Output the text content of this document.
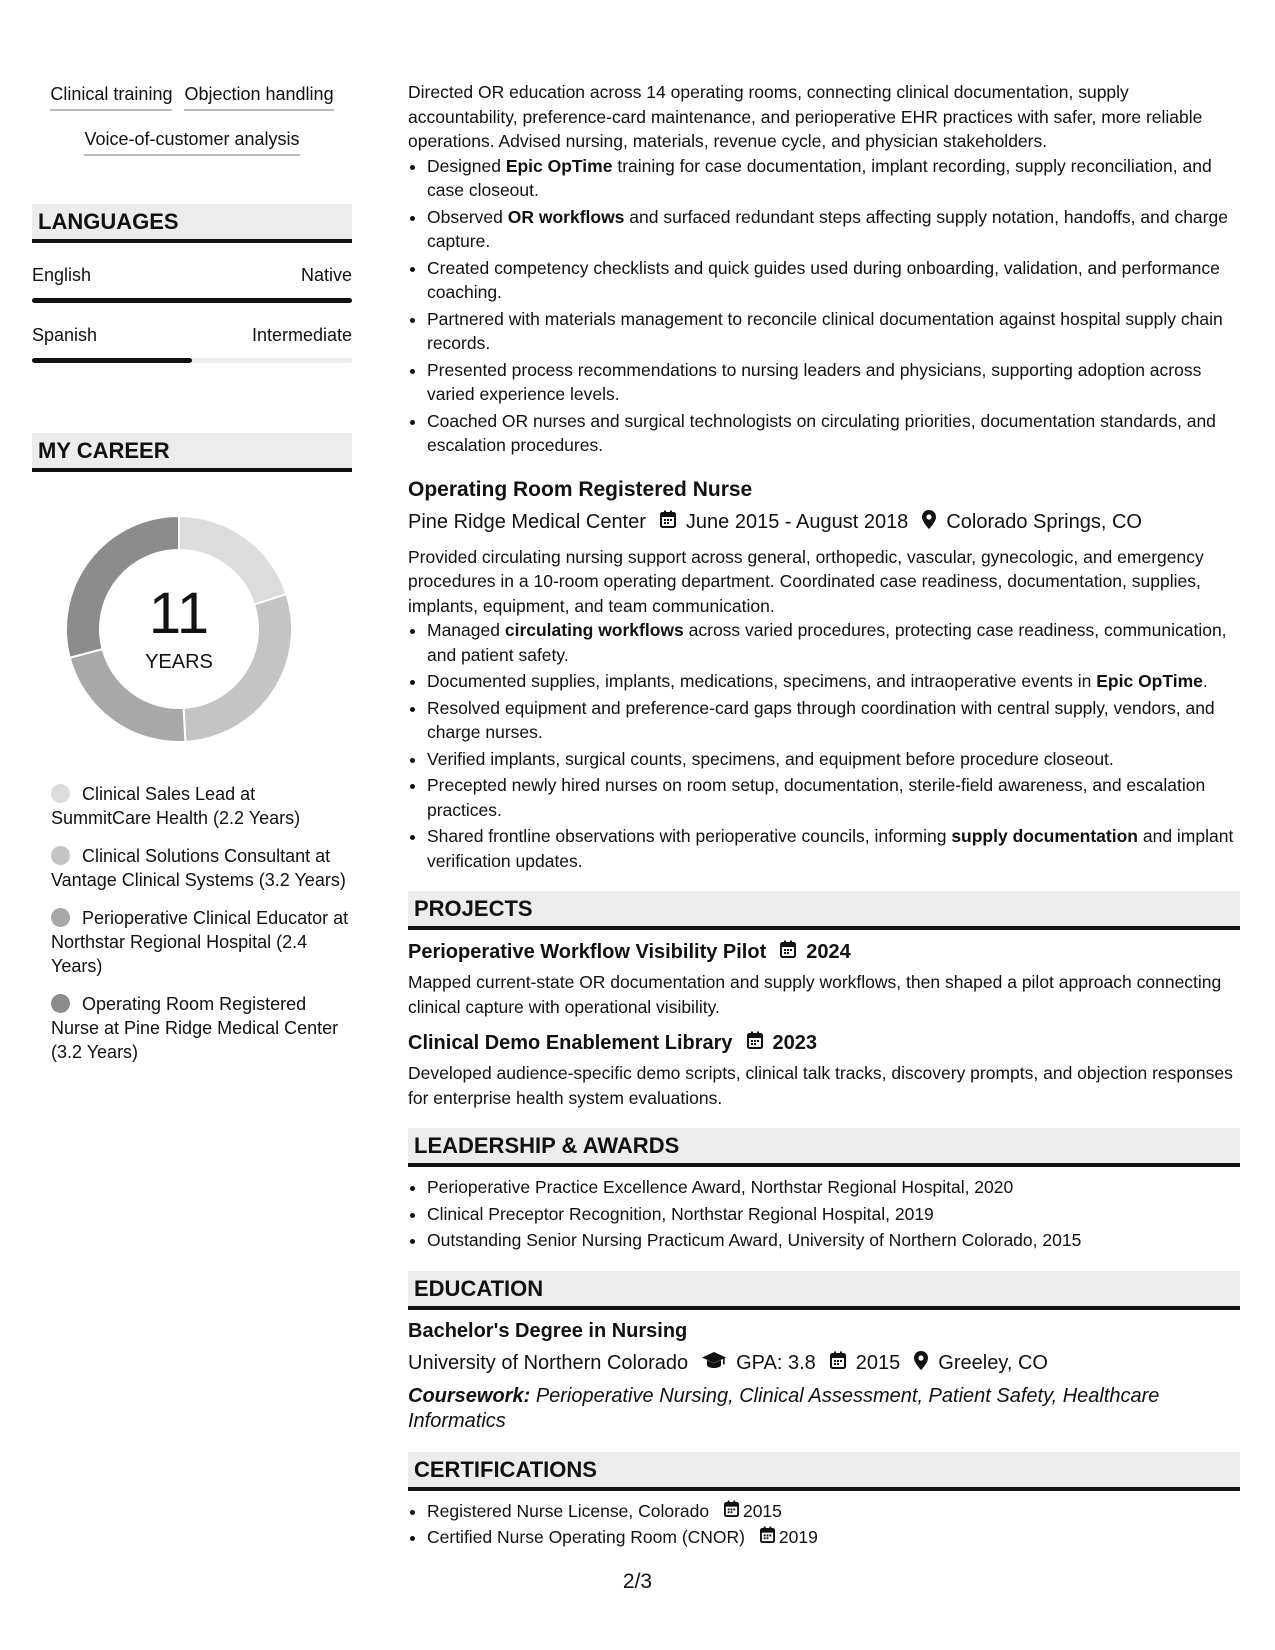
Clinical training Objection handling
Voice-of-customer analysis
LANGUAGES
English	Native
Spanish	Intermediate
MY CAREER
11
YEARS
Clinical Sales Lead at SummitCare Health (2.2 Years)
Clinical Solutions Consultant at Vantage Clinical Systems (3.2 Years)
Perioperative Clinical Educator at Northstar Regional Hospital (2.4 Years)
Operating Room Registered Nurse at Pine Ridge Medical Center (3.2 Years)
Directed OR education across 14 operating rooms, connecting clinical documentation, supply accountability, preference-card maintenance, and perioperative EHR practices with safer, more reliable operations. Advised nursing, materials, revenue cycle, and physician stakeholders.
• Designed Epic OpTime training for case documentation, implant recording, supply reconciliation, and case closeout.
• Observed OR workflows and surfaced redundant steps affecting supply notation, handoffs, and charge capture.
• Created competency checklists and quick guides used during onboarding, validation, and performance coaching.
• Partnered with materials management to reconcile clinical documentation against hospital supply chain records.
• Presented process recommendations to nursing leaders and physicians, supporting adoption across varied experience levels.
• Coached OR nurses and surgical technologists on circulating priorities, documentation standards, and escalation procedures.
Operating Room Registered Nurse
Pine Ridge Medical Center June 2015 - August 2018 Colorado Springs, CO
Provided circulating nursing support across general, orthopedic, vascular, gynecologic, and emergency procedures in a 10-room operating department. Coordinated case readiness, documentation, supplies, implants, equipment, and team communication.
• Managed circulating workflows across varied procedures, protecting case readiness, communication, and patient safety.
• Documented supplies, implants, medications, specimens, and intraoperative events in Epic OpTime.
• Resolved equipment and preference-card gaps through coordination with central supply, vendors, and charge nurses.
• Verified implants, surgical counts, specimens, and equipment before procedure closeout.
• Precepted newly hired nurses on room setup, documentation, sterile-field awareness, and escalation practices.
• Shared frontline observations with perioperative councils, informing supply documentation and implant verification updates.
PROJECTS
Perioperative Workflow Visibility Pilot 2024
Mapped current-state OR documentation and supply workflows, then shaped a pilot approach connecting clinical capture with operational visibility.
Clinical Demo Enablement Library 2023
Developed audience-specific demo scripts, clinical talk tracks, discovery prompts, and objection responses for enterprise health system evaluations.
LEADERSHIP & AWARDS
• Perioperative Practice Excellence Award, Northstar Regional Hospital, 2020
• Clinical Preceptor Recognition, Northstar Regional Hospital, 2019
• Outstanding Senior Nursing Practicum Award, University of Northern Colorado, 2015
EDUCATION
Bachelor's Degree in Nursing
University of Northern Colorado GPA: 3.8 2015 Greeley, CO
Coursework: Perioperative Nursing, Clinical Assessment, Patient Safety, Healthcare Informatics
CERTIFICATIONS
• Registered Nurse License, Colorado 2015
• Certified Nurse Operating Room (CNOR) 2019
2/3
